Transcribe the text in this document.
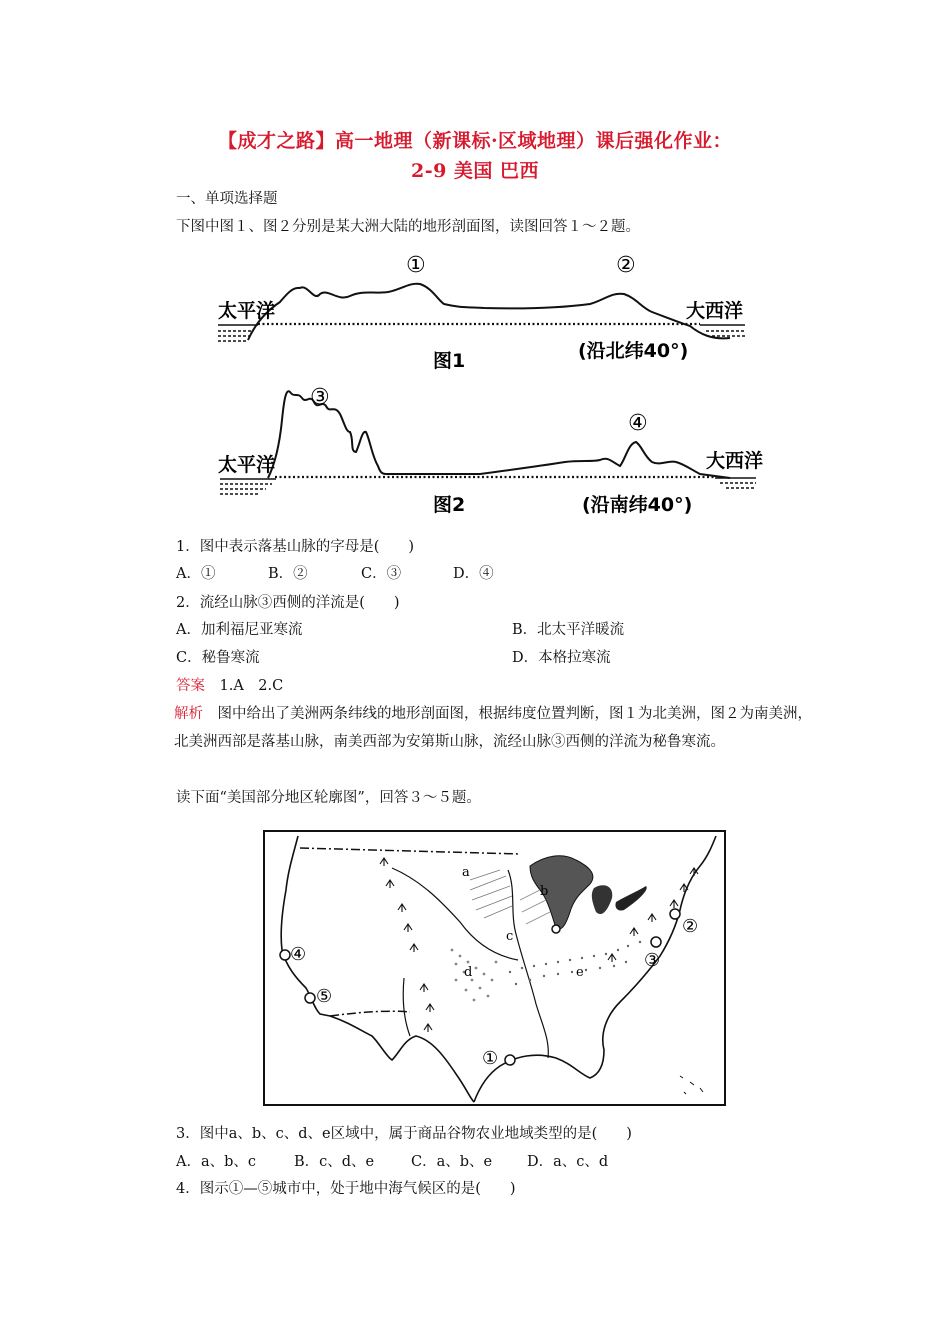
【成才之路】高一地理（新课标·区域地理）课后强化作业：
2-9 美国 巴西
一、单项选择题
下图中图１、图２分别是某大洲大陆的地形剖面图，读图回答１～２题。
太平洋	大西洋
①	②
图1	(沿北纬40°)
太平洋	大西洋
③
④
图2	(沿南纬40°)
1．图中表示落基山脉的字母是(　　)
A．①	B．②	C．③	D．④
2．流经山脉③西侧的洋流是(　　)
A．加利福尼亚寒流	B．北太平洋暖流
C．秘鲁寒流	D．本格拉寒流
答案　 1.A　2.C
解析　 图中给出了美洲两条纬线的地形剖面图，根据纬度位置判断，图１为北美洲，图２为南美洲，北美洲西部是落基山脉，南美西部为安第斯山脉，流经山脉③西侧的洋流为秘鲁寒流。
读下面“美国部分地区轮廓图”，回答３～５题。
a
b
c
d	e
①
②
③
④
⑤
3．图中a、b、c、d、e区域中，属于商品谷物农业地域类型的是(　　)
A．a、b、c	B．c、d、e	C．a、b、e D．a、c、d
4．图示①—⑤城市中，处于地中海气候区的是(　　)
